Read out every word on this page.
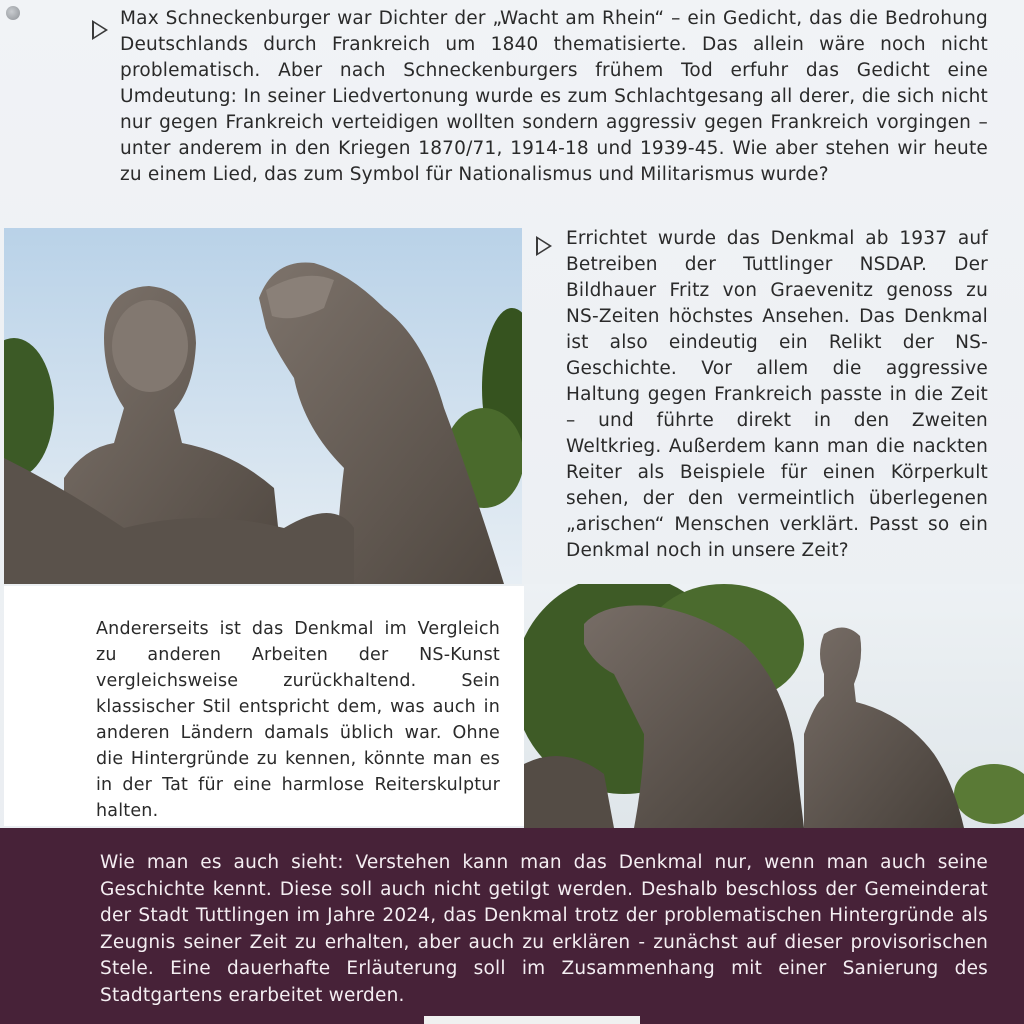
Max Schneckenburger war Dichter der „Wacht am Rhein“ – ein Gedicht, das die Bedrohung Deutschlands durch Frankreich um 1840 thematisierte. Das allein wäre noch nicht problematisch. Aber nach Schneckenburgers frühem Tod erfuhr das Gedicht eine Umdeutung: In seiner Liedvertonung wurde es zum Schlachtgesang all derer, die sich nicht nur gegen Frankreich verteidigen wollten sondern aggressiv gegen Frankreich vorgingen – unter anderem in den Kriegen 1870/71, 1914-18 und 1939-45. Wie aber stehen wir heute zu einem Lied, das zum Symbol für Nationalismus und Militarismus wurde?
Errichtet wurde das Denkmal ab 1937 auf Betreiben der Tuttlinger NSDAP. Der Bildhauer Fritz von Graevenitz genoss zu NS-Zeiten höchstes Ansehen. Das Denkmal ist also eindeutig ein Relikt der NS-Geschichte. Vor allem die aggressive Haltung gegen Frankreich passte in die Zeit – und führte direkt in den Zweiten Weltkrieg. Außerdem kann man die nackten Reiter als Beispiele für einen Körperkult sehen, der den vermeintlich überlegenen „arischen“ Menschen verklärt. Passt so ein Denkmal noch in unsere Zeit?
Andererseits ist das Denkmal im Vergleich zu anderen Arbeiten der NS-Kunst vergleichsweise zurückhaltend. Sein klassischer Stil entspricht dem, was auch in anderen Ländern damals üblich war. Ohne die Hintergründe zu kennen, könnte man es in der Tat für eine harmlose Reiterskulptur halten.
Wie man es auch sieht: Verstehen kann man das Denkmal nur, wenn man auch seine Geschichte kennt. Diese soll auch nicht getilgt werden. Deshalb beschloss der Gemeinderat der Stadt Tuttlingen im Jahre 2024, das Denkmal trotz der problematischen Hintergründe als Zeugnis seiner Zeit zu erhalten, aber auch zu erklären - zunächst auf dieser provisorischen Stele. Eine dauerhafte Erläuterung soll im Zusammenhang mit einer Sanierung des Stadtgartens erarbeitet werden.
